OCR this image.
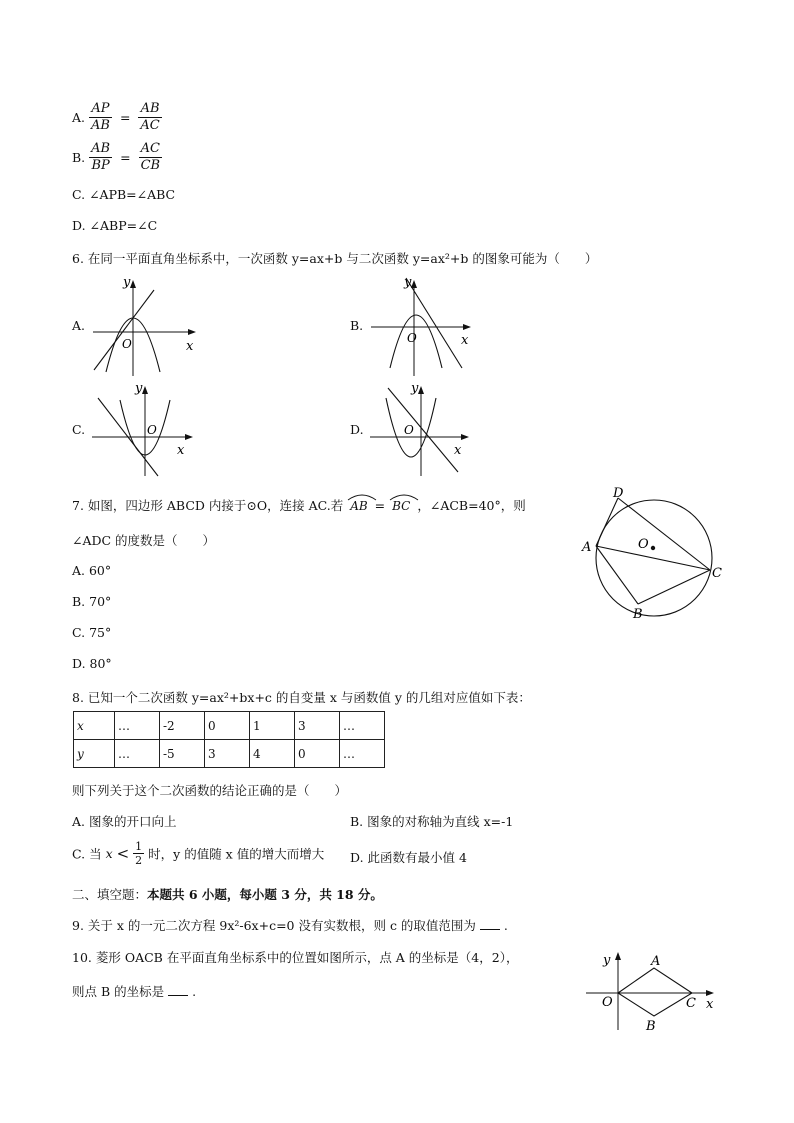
A. $\frac{AP}{AB} = \frac{AB}{AC}$
B. $\frac{AB}{BP} = \frac{AC}{CB}$
C. ∠APB=∠ABC
D. ∠ABP=∠C
6. 在同一平面直角坐标系中，一次函数 y=ax+b 与二次函数 y=ax²+b 的图象可能为（　　）
A.
y
x
O
B.
y
x
O
C.
y
x
O	D.
y
x
O
7. 如图，四边形 ABCD 内接于⊙O，连接 AC.若 AB = BC ，∠ACB=40°，则
∠ADC 的度数是（　　）
A. 60°
B. 70°
C. 75°
D. 80°
D
A
C
B
O
8. 已知一个二次函数 y=ax²+bx+c 的自变量 x 与函数值 y 的几组对应值如下表：
x	…	-2	0	1	3	…
y	…	-5	3	4	0	…
则下列关于这个二次函数的结论正确的是（　　）
A. 图象的开口向上	B. 图象的对称轴为直线 x=-1
C. 当 $x < \frac{1}{2}$ 时，y 的值随 x 值的增大而增大 D. 此函数有最小值 4
二、填空题：本题共 6 小题，每小题 3 分，共 18 分。
9. 关于 x 的一元二次方程 9x²-6x+c=0 没有实数根，则 c 的取值范围为 .
10. 菱形 OACB 在平面直角坐标系中的位置如图所示，点 A 的坐标是（4，2），
则点 B 的坐标是 .
y
x
O
A
C
B
